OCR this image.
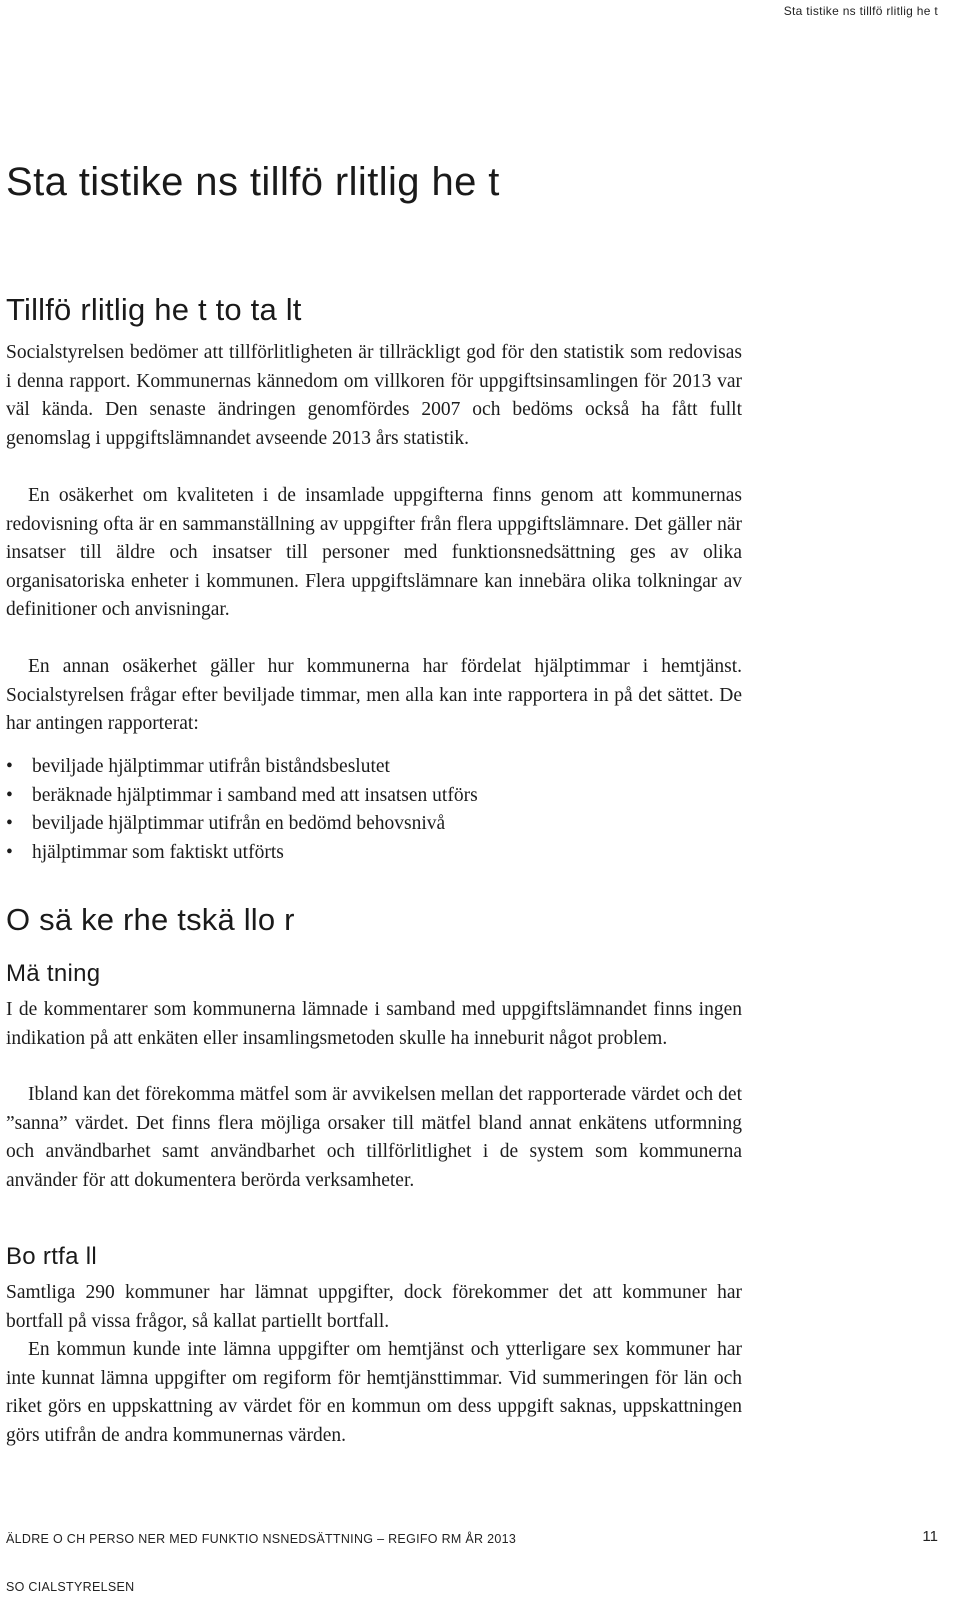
Sta tistike ns tillfö rlitlig he t
Sta tistike ns tillfö rlitlig he t
Tillfö rlitlig he t to ta lt

Socialstyrelsen bedömer att tillförlitligheten är tillräckligt god för den statistik som redovisas i denna rapport. Kommunernas kännedom om villkoren för uppgiftsinsamlingen för 2013 var väl kända. Den senaste ändringen genomfördes 2007 och bedöms också ha fått fullt genomslag i uppgiftslämnandet avseende 2013 års statistik.

En osäkerhet om kvaliteten i de insamlade uppgifterna finns genom att kommunernas redovisning ofta är en sammanställning av uppgifter från flera uppgiftslämnare. Det gäller när insatser till äldre och insatser till personer med funktionsnedsättning ges av olika organisatoriska enheter i kommunen. Flera uppgiftslämnare kan innebära olika tolkningar av definitioner och anvisningar.

En annan osäkerhet gäller hur kommunerna har fördelat hjälptimmar i hemtjänst. Socialstyrelsen frågar efter beviljade timmar, men alla kan inte rapportera in på det sättet. De har antingen rapporterat:

• beviljade hjälptimmar utifrån biståndsbeslutet
• beräknade hjälptimmar i samband med att insatsen utförs
• beviljade hjälptimmar utifrån en bedömd behovsnivå
• hjälptimmar som faktiskt utförts
O sä ke rhe tskä llo r
Mä tning

I de kommentarer som kommunerna lämnade i samband med uppgiftslämnandet finns ingen indikation på att enkäten eller insamlingsmetoden skulle ha inneburit något problem.

Ibland kan det förekomma mätfel som är avvikelsen mellan det rapporterade värdet och det ”sanna” värdet. Det finns flera möjliga orsaker till mätfel bland annat enkätens utformning och användbarhet samt användbarhet och tillförlitlighet i de system som kommunerna använder för att dokumentera berörda verksamheter.

Bo rtfa ll

Samtliga 290 kommuner har lämnat uppgifter, dock förekommer det att kommuner har bortfall på vissa frågor, så kallat partiellt bortfall.

En kommun kunde inte lämna uppgifter om hemtjänst och ytterligare sex kommuner har inte kunnat lämna uppgifter om regiform för hemtjänsttimmar. Vid summeringen för län och riket görs en uppskattning av värdet för en kommun om dess uppgift saknas, uppskattningen görs utifrån de andra kommunernas värden.

ÄLDRE O CH PERSO NER MED FUNKTIO NSNEDSÄTTNING – REGIFO RM ÅR 2013	11
SO CIALSTYRELSEN
